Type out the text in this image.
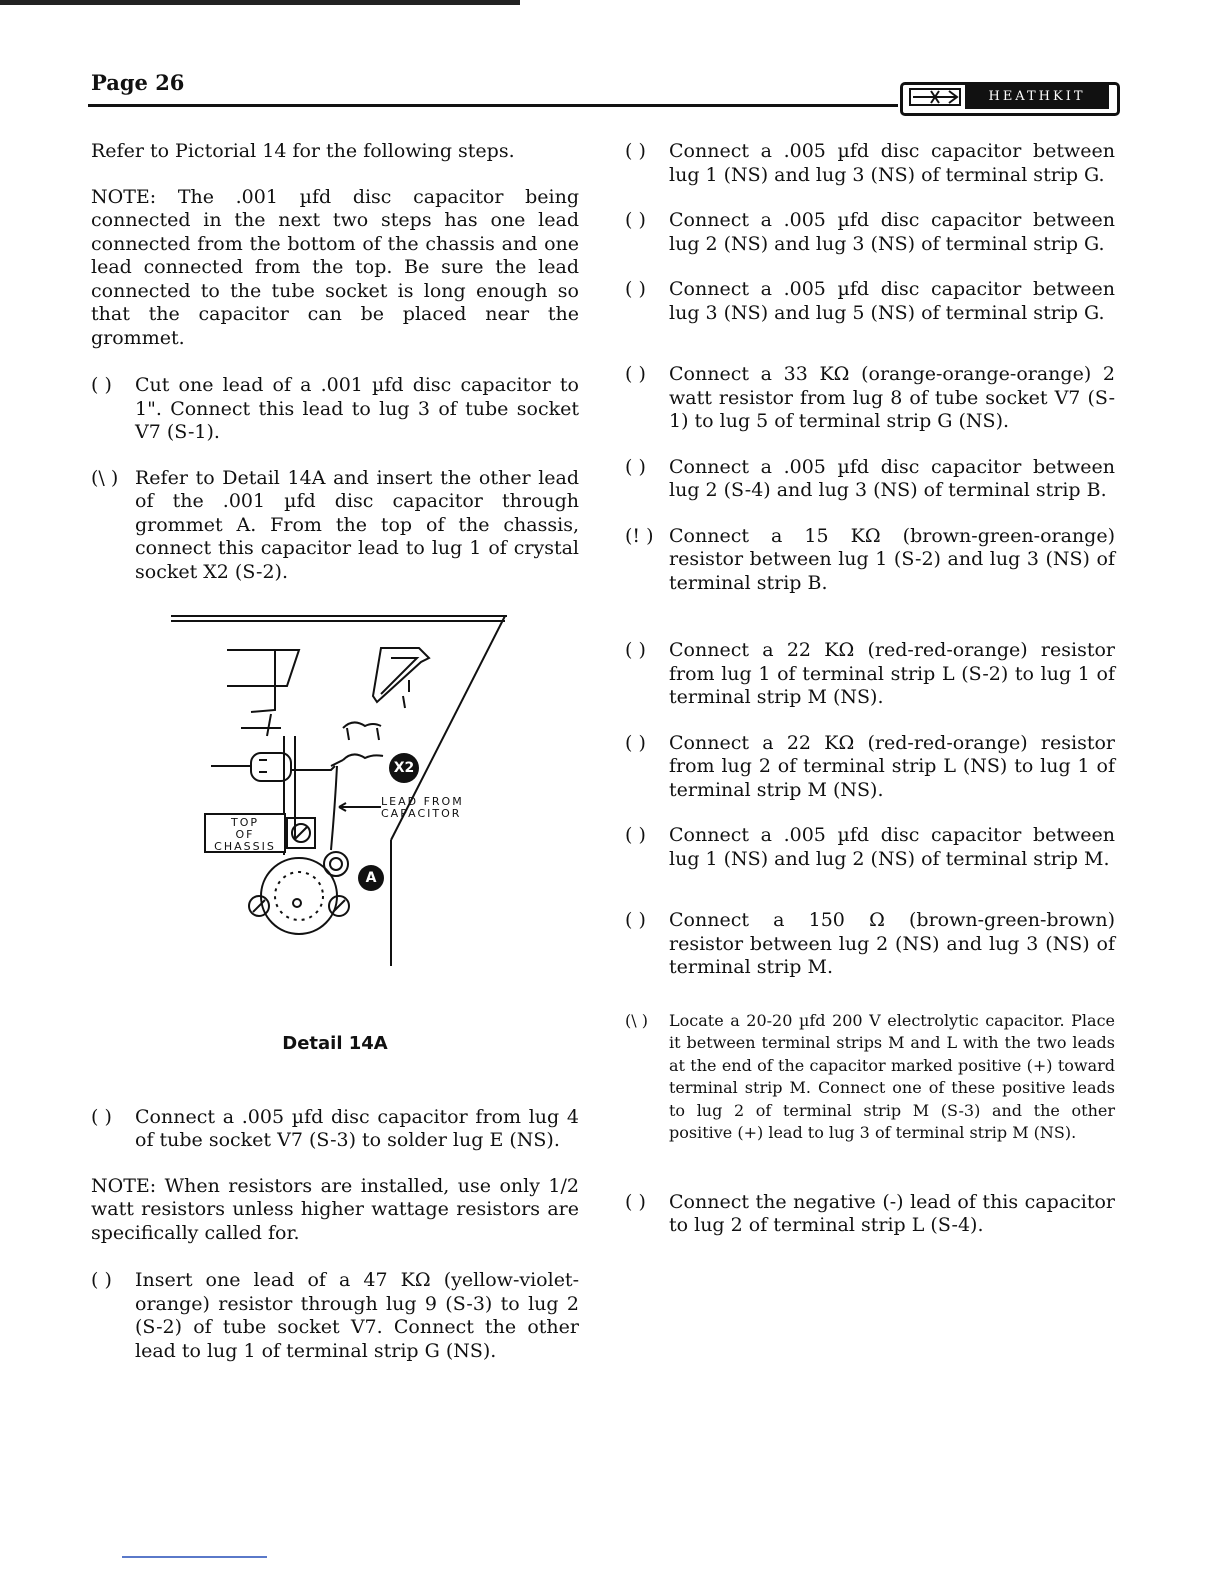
Page 26
HEATHKIT

Refer to Pictorial 14 for the following steps.

NOTE: The .001 µfd disc capacitor being connected in the next two steps has one lead connected from the bottom of the chassis and one lead connected from the top. Be sure the lead connected to the tube socket is long enough so that the capacitor can be placed near the grommet.

( )	Cut one lead of a .001 µfd disc capacitor to 1". Connect this lead to lug 3 of tube socket V7 (S-1).
(\ ) Refer to Detail 14A and insert the other lead of the .001 µfd disc capacitor through grommet A. From the top of the chassis, connect this capacitor lead to lug 1 of crystal socket X2 (S-2).
LEAD FROM
CAPACITOR
TOP
OF
CHASSIS
X2
A

Detail 14A

( )	Connect a .005 µfd disc capacitor from lug 4 of tube socket V7 (S-3) to solder lug E (NS).

NOTE: When resistors are installed, use only 1/2 watt resistors unless higher wattage resistors are specifically called for.

( )	Insert one lead of a 47 KΩ (yellow-violet-orange) resistor through lug 9 (S-3) to lug 2 (S-2) of tube socket V7. Connect the other lead to lug 1 of terminal strip G (NS).
( )	Connect a .005 µfd disc capacitor between lug 1 (NS) and lug 3 (NS) of terminal strip G.
( )	Connect a .005 µfd disc capacitor between lug 2 (NS) and lug 3 (NS) of terminal strip G.
( )	Connect a .005 µfd disc capacitor between lug 3 (NS) and lug 5 (NS) of terminal strip G.
( )	Connect a 33 KΩ (orange-orange-orange) 2 watt resistor from lug 8 of tube socket V7 (S-1) to lug 5 of terminal strip G (NS).
( )	Connect a .005 µfd disc capacitor between lug 2 (S-4) and lug 3 (NS) of terminal strip B.
(! ) Connect a 15 KΩ (brown-green-orange) resistor between lug 1 (S-2) and lug 3 (NS) of terminal strip B.
( )	Connect a 22 KΩ (red-red-orange) resistor from lug 1 of terminal strip L (S-2) to lug 1 of terminal strip M (NS).
( )	Connect a 22 KΩ (red-red-orange) resistor from lug 2 of terminal strip L (NS) to lug 1 of terminal strip M (NS).
( )	Connect a .005 µfd disc capacitor between lug 1 (NS) and lug 2 (NS) of terminal strip M.
( )	Connect a 150 Ω (brown-green-brown) resistor between lug 2 (NS) and lug 3 (NS) of terminal strip M.
(\ )	Locate a 20-20 µfd 200 V electrolytic capacitor. Place it between terminal strips M and L with the two leads at the end of the capacitor marked positive (+) toward terminal strip M. Connect one of these positive leads to lug 2 of terminal strip M (S-3) and the other positive (+) lead to lug 3 of terminal strip M (NS).
( )	Connect the negative (-) lead of this capacitor to lug 2 of terminal strip L (S-4).
